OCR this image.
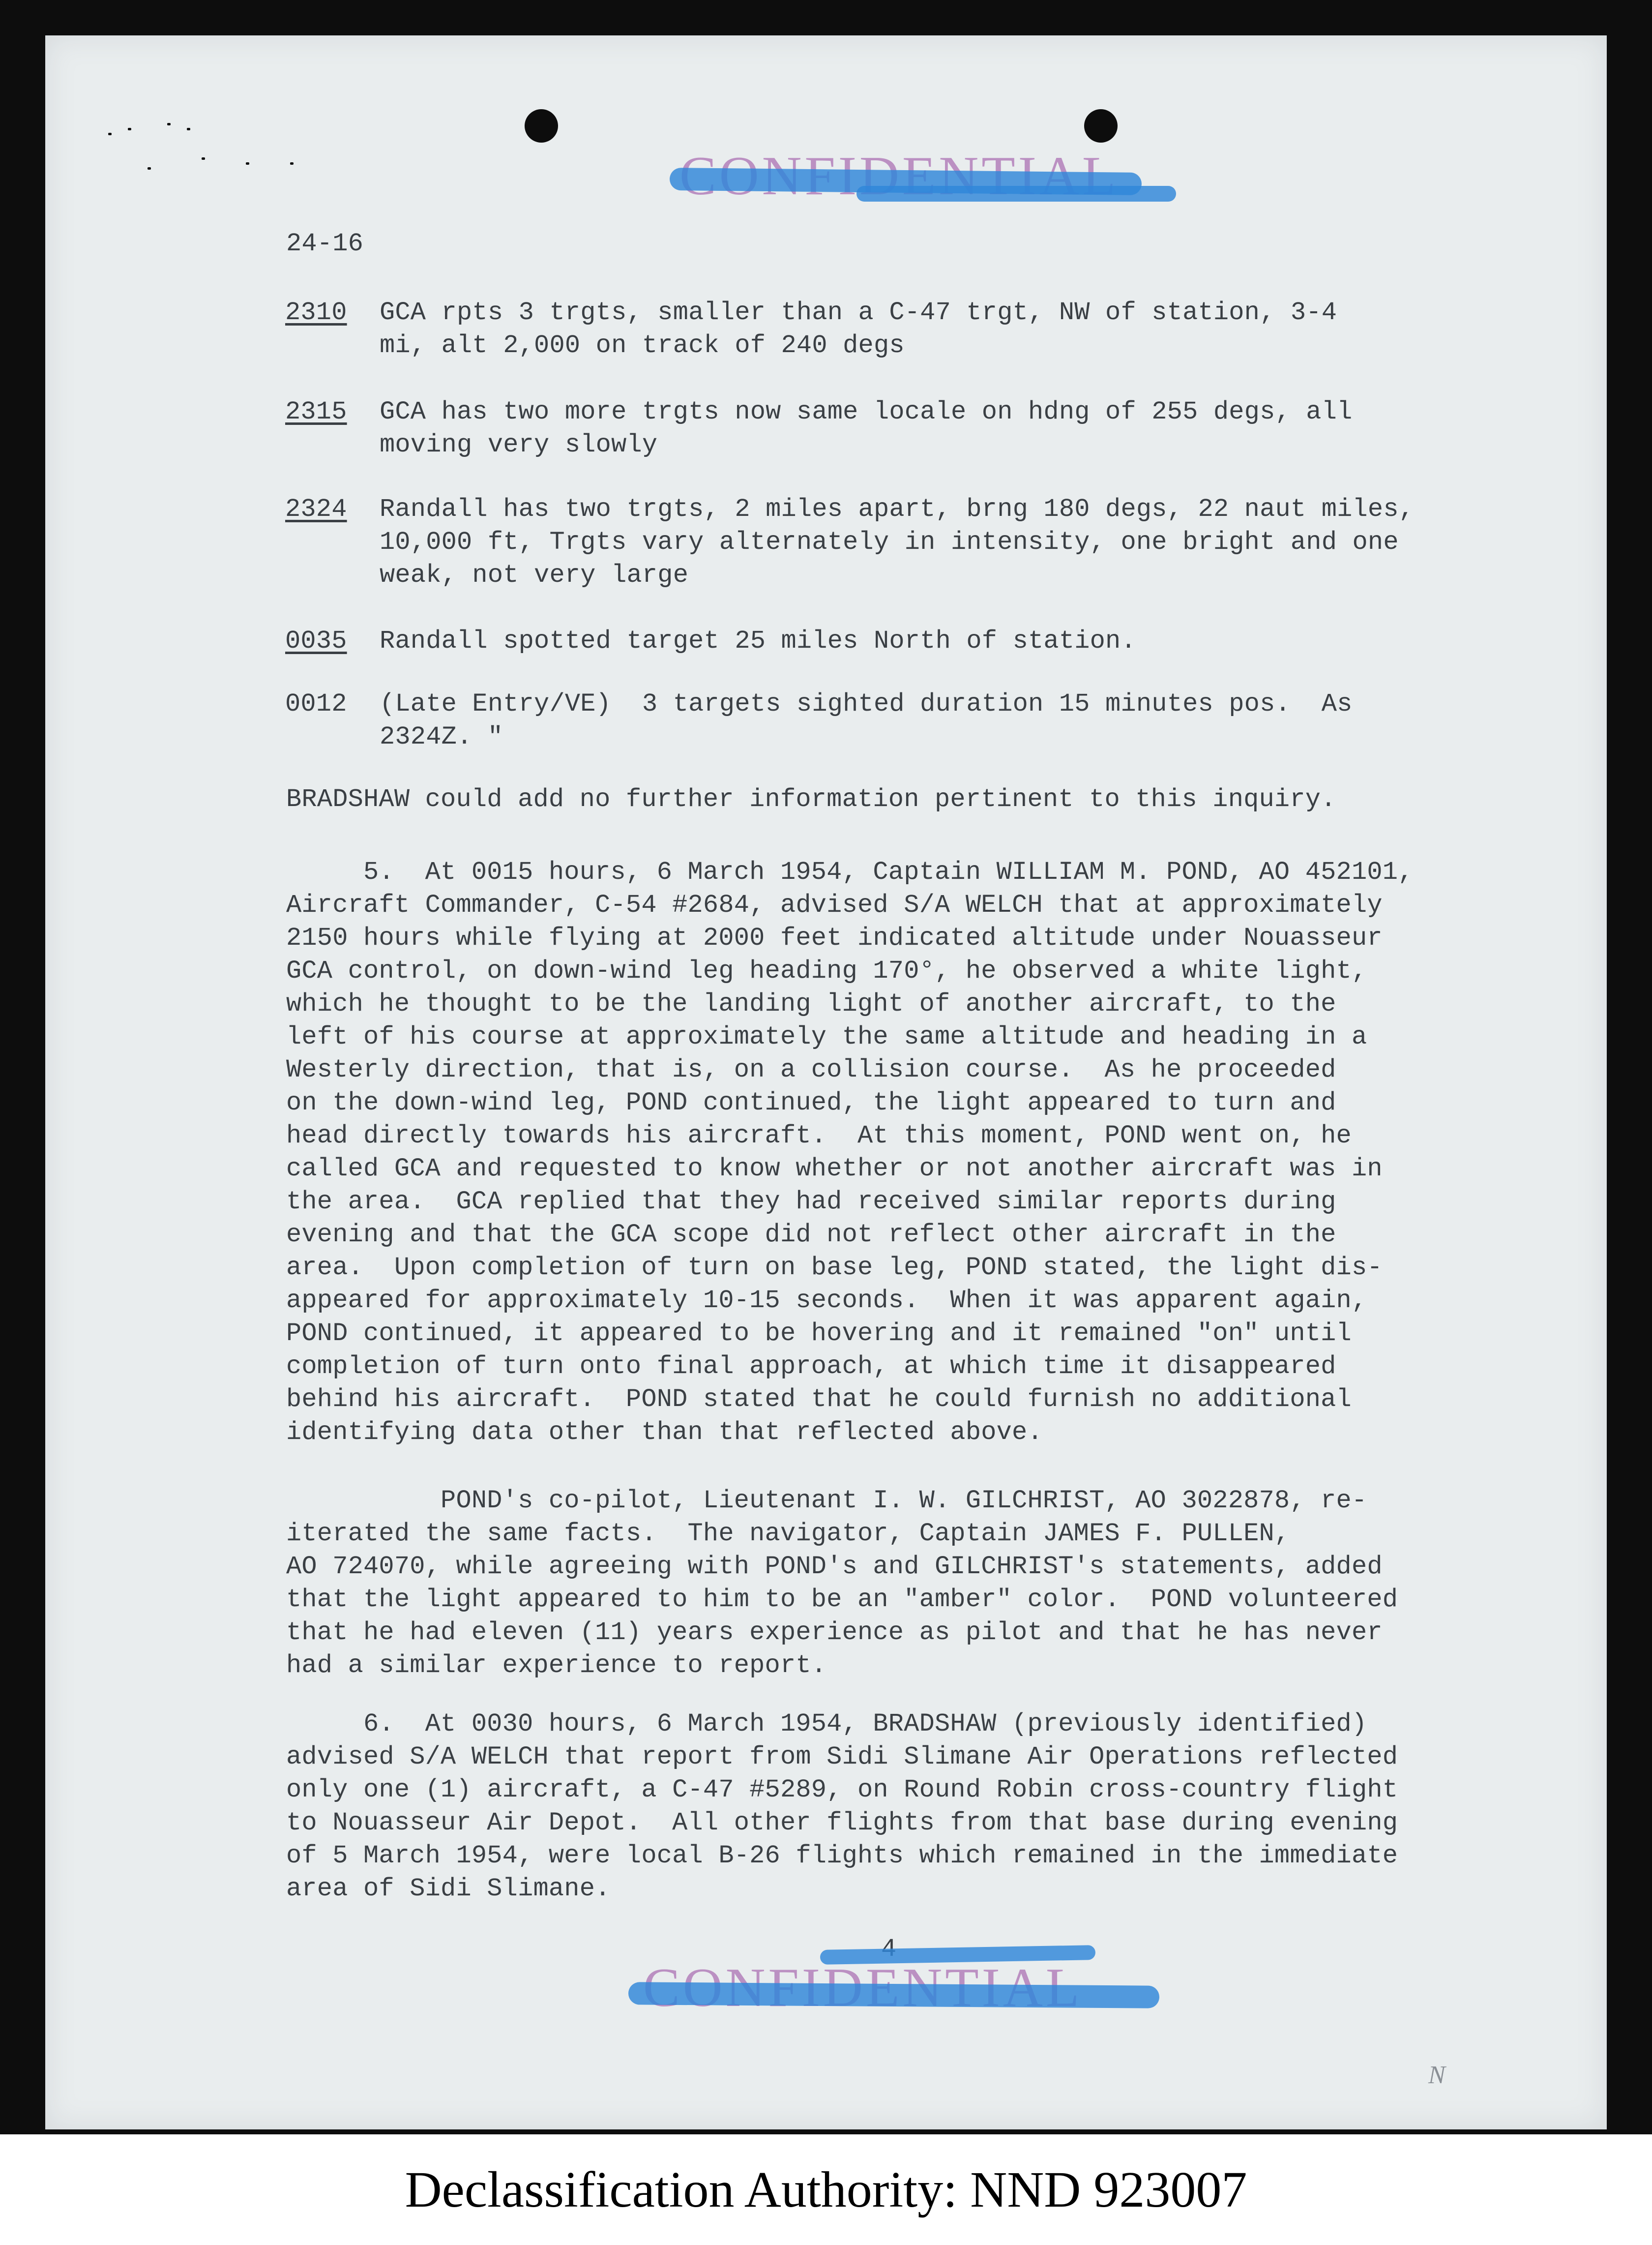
24-16
2310 GCA rpts 3 trgts, smaller than a C-47 trgt, NW of station, 3-4
mi, alt 2,000 on track of 240 degs
2315 GCA has two more trgts now same locale on hdng of 255 degs, all
moving very slowly
2324 Randall has two trgts, 2 miles apart, brng 180 degs, 22 naut miles,
10,000 ft, Trgts vary alternately in intensity, one bright and one
weak, not very large
0035 Randall spotted target 25 miles North of station.
0012 (Late Entry/VE)  3 targets sighted duration 15 minutes pos.  As
2324Z. "
BRADSHAW could add no further information pertinent to this inquiry.
5.  At 0015 hours, 6 March 1954, Captain WILLIAM M. POND, AO 452101,
Aircraft Commander, C-54 #2684, advised S/A WELCH that at approximately
2150 hours while flying at 2000 feet indicated altitude under Nouasseur
GCA control, on down-wind leg heading 170°, he observed a white light,
which he thought to be the landing light of another aircraft, to the
left of his course at approximately the same altitude and heading in a
Westerly direction, that is, on a collision course.  As he proceeded
on the down-wind leg, POND continued, the light appeared to turn and
head directly towards his aircraft.  At this moment, POND went on, he
called GCA and requested to know whether or not another aircraft was in
the area.  GCA replied that they had received similar reports during
evening and that the GCA scope did not reflect other aircraft in the
area.  Upon completion of turn on base leg, POND stated, the light dis-
appeared for approximately 10-15 seconds.  When it was apparent again,
POND continued, it appeared to be hovering and it remained "on" until
completion of turn onto final approach, at which time it disappeared
behind his aircraft.  POND stated that he could furnish no additional
identifying data other than that reflected above.
POND's co-pilot, Lieutenant I. W. GILCHRIST, AO 3022878, re-
iterated the same facts.  The navigator, Captain JAMES F. PULLEN,
AO 724070, while agreeing with POND's and GILCHRIST's statements, added
that the light appeared to him to be an "amber" color.  POND volunteered
that he had eleven (11) years experience as pilot and that he has never
had a similar experience to report.
6.  At 0030 hours, 6 March 1954, BRADSHAW (previously identified)
advised S/A WELCH that report from Sidi Slimane Air Operations reflected
only one (1) aircraft, a C-47 #5289, on Round Robin cross-country flight
to Nouasseur Air Depot.  All other flights from that base during evening
of 5 March 1954, were local B-26 flights which remained in the immediate
area of Sidi Slimane.
N
Declassification Authority: NND 923007
